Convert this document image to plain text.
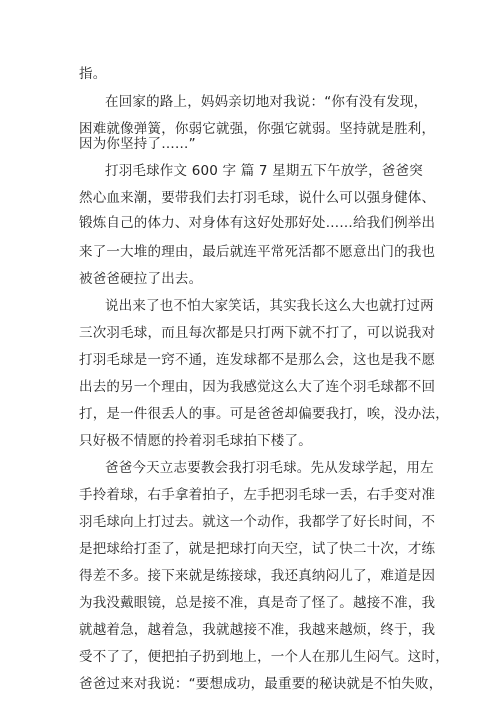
指。
在回家的路上，妈妈亲切地对我说：“你有没有发现，
困难就像弹簧，你弱它就强，你强它就弱。坚持就是胜利，
因为你坚持了……”
打羽毛球作文 600 字 篇 7 星期五下午放学，爸爸突
然心血来潮，要带我们去打羽毛球，说什么可以强身健体、
锻炼自己的体力、对身体有这好处那好处……给我们例举出
来了一大堆的理由，最后就连平常死活都不愿意出门的我也
被爸爸硬拉了出去。
说出来了也不怕大家笑话，其实我长这么大也就打过两
三次羽毛球，而且每次都是只打两下就不打了，可以说我对
打羽毛球是一窍不通，连发球都不是那么会，这也是我不愿
出去的另一个理由，因为我感觉这么大了连个羽毛球都不回
打，是一件很丢人的事。可是爸爸却偏要我打，唉，没办法，
只好极不情愿的拎着羽毛球拍下楼了。
爸爸今天立志要教会我打羽毛球。先从发球学起，用左
手拎着球，右手拿着拍子，左手把羽毛球一丢，右手变对准
羽毛球向上打过去。就这一个动作，我都学了好长时间，不
是把球给打歪了，就是把球打向天空，试了快二十次，才练
得差不多。接下来就是练接球，我还真纳闷儿了，难道是因
为我没戴眼镜，总是接不准，真是奇了怪了。越接不准，我
就越着急，越着急，我就越接不准，我越来越烦，终于，我
受不了了，便把拍子扔到地上，一个人在那儿生闷气。这时，
爸爸过来对我说：“要想成功，最重要的秘诀就是不怕失败，
